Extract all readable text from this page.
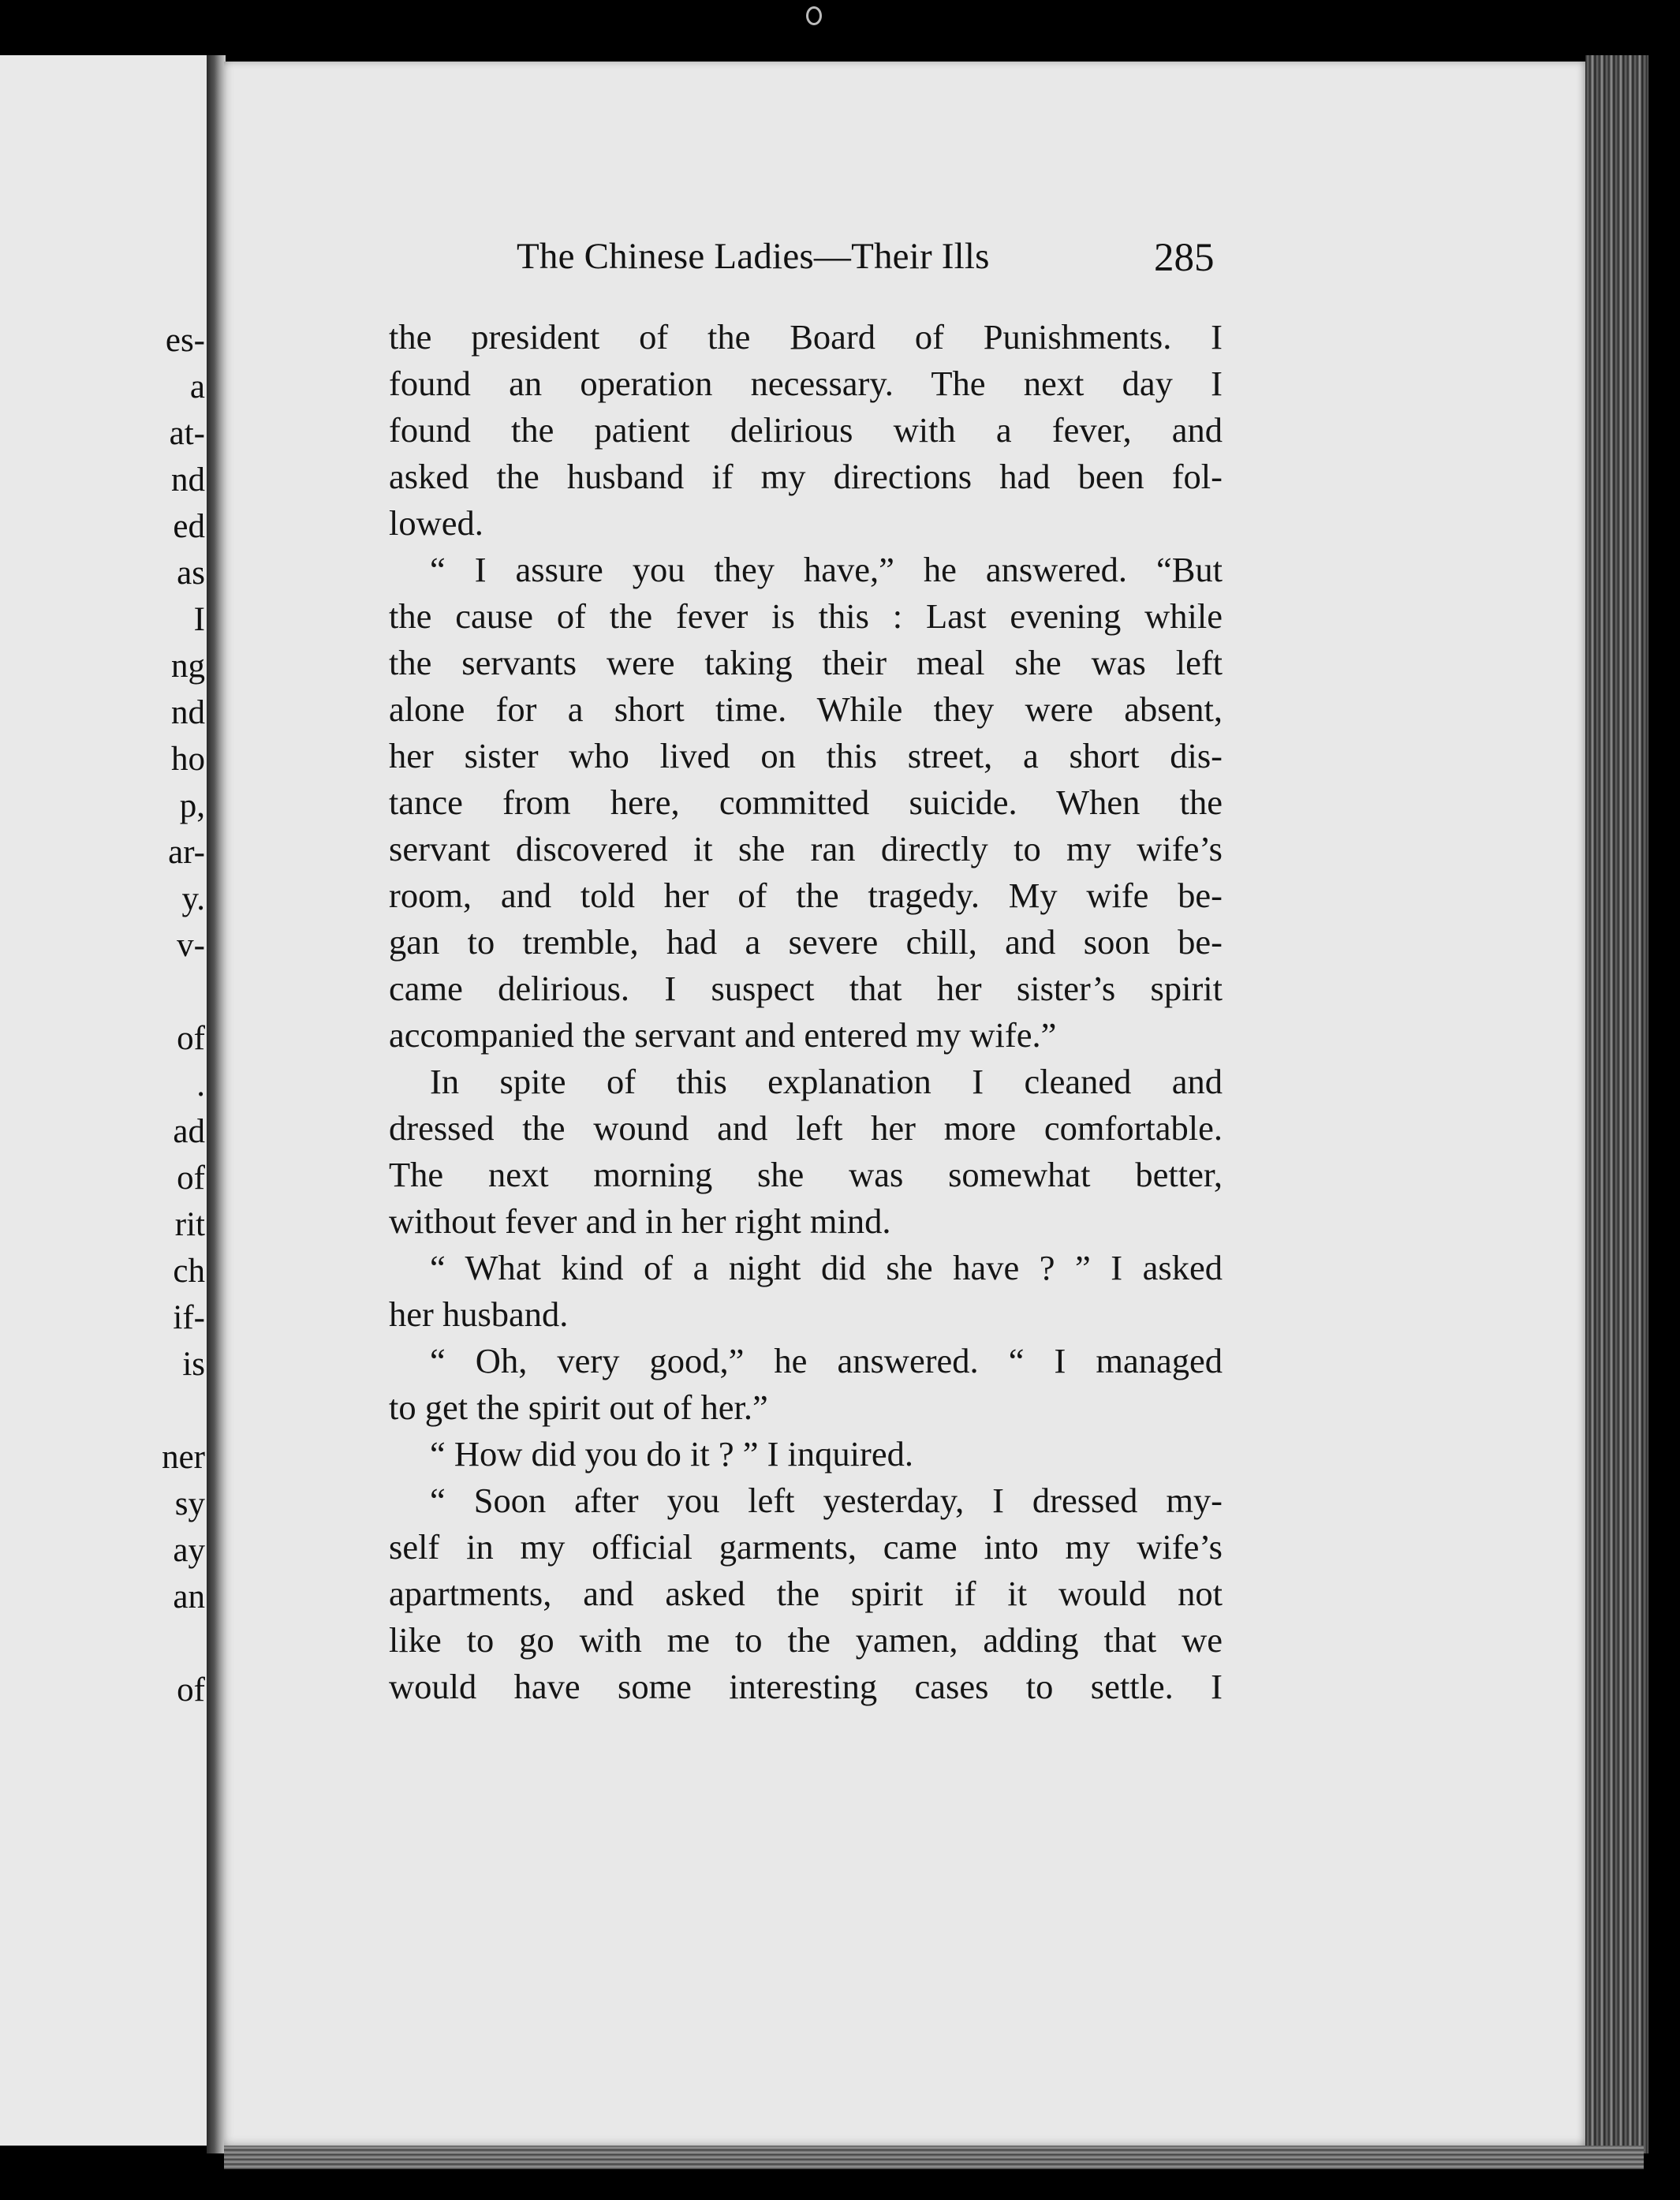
es-
a
at-
nd
ed
as
I
ng
nd
ho
p,
ar-
y.
v-
of
.
ad
of
rit
ch
if-
is
ner
sy
ay
an
of
The Chinese Ladies—Their Ills	285
the president of the Board of Punishments. I
found an operation necessary. The next day I
found the patient delirious with a fever, and
asked the husband if my directions had been fol-
lowed.
“ I assure you they have,” he answered. “But
the cause of the fever is this : Last evening while
the servants were taking their meal she was left
alone for a short time. While they were absent,
her sister who lived on this street, a short dis-
tance from here, committed suicide. When the
servant discovered it she ran directly to my wife’s
room, and told her of the tragedy. My wife be-
gan to tremble, had a severe chill, and soon be-
came delirious. I suspect that her sister’s spirit
accompanied the servant and entered my wife.”
In spite of this explanation I cleaned and
dressed the wound and left her more comfortable.
The next morning she was somewhat better,
without fever and in her right mind.
“ What kind of a night did she have ? ” I asked
her husband.
“ Oh, very good,” he answered. “ I managed
to get the spirit out of her.”
“ How did you do it ? ” I inquired.
“ Soon after you left yesterday, I dressed my-
self in my official garments, came into my wife’s
apartments, and asked the spirit if it would not
like to go with me to the yamen, adding that we
would have some interesting cases to settle. I
